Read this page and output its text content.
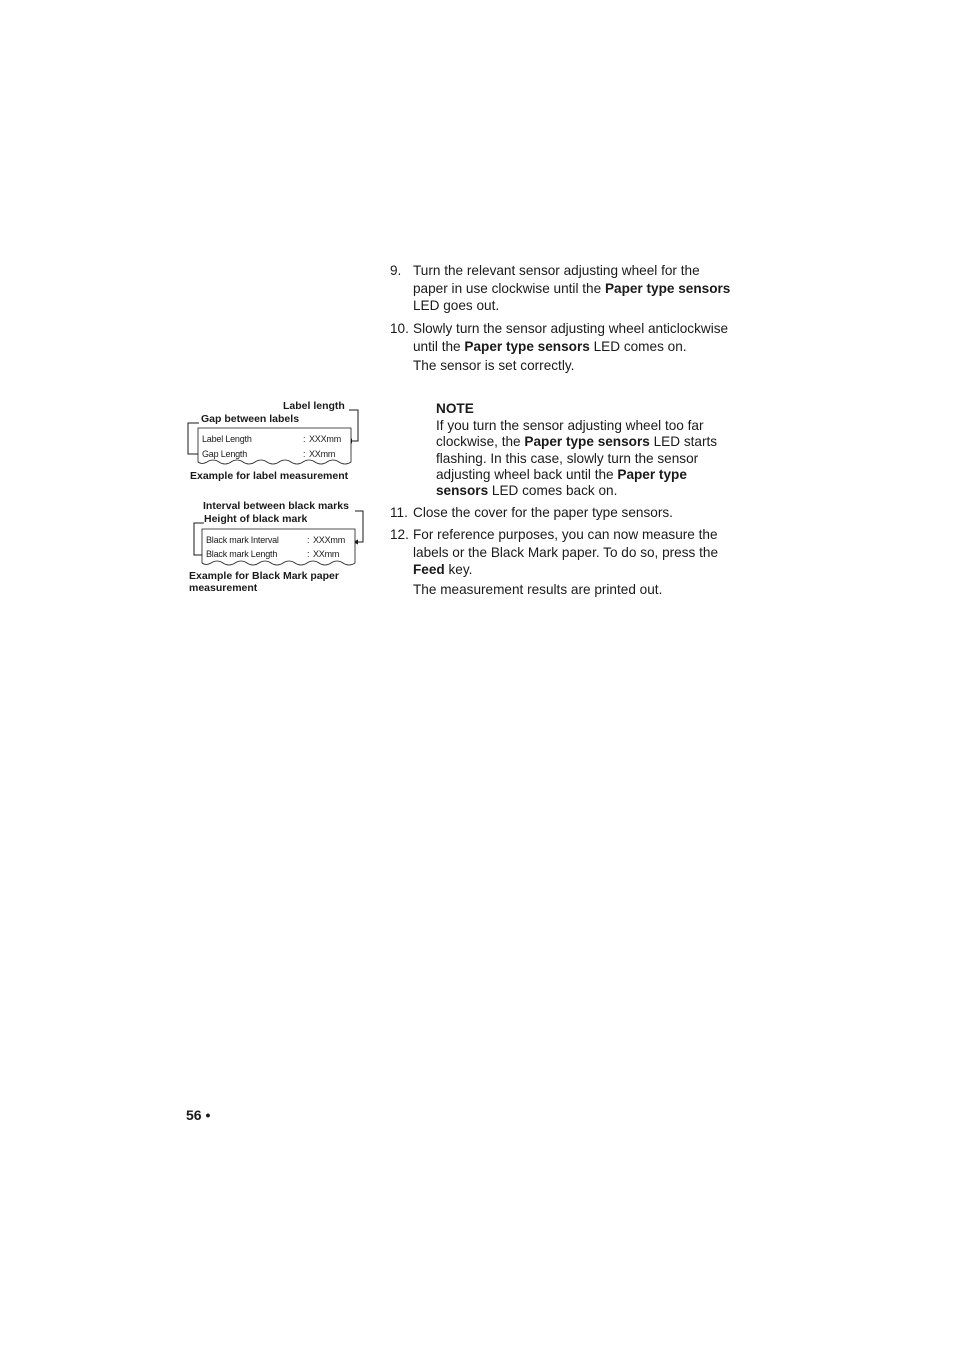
9. Turn the relevant sensor adjusting wheel for the paper in use clockwise until the Paper type sensors LED goes out.
10. Slowly turn the sensor adjusting wheel anticlockwise until the Paper type sensors LED comes on.
The sensor is set correctly.
NOTE
If you turn the sensor adjusting wheel too far clockwise, the Paper type sensors LED starts flashing. In this case, slowly turn the sensor adjusting wheel back until the Paper type sensors LED comes back on.
11. Close the cover for the paper type sensors.
12. For reference purposes, you can now measure the labels or the Black Mark paper. To do so, press the Feed key.
The measurement results are printed out.
Label length
Gap between labels
Label Length	: XXXmm
Gap Length	: XXmm
Example for label measurement
Interval between black marks
Height of black mark
Black mark Interval	: XXXmm
Black mark Length	: XXmm
Example for Black Mark paper measurement
56 •
